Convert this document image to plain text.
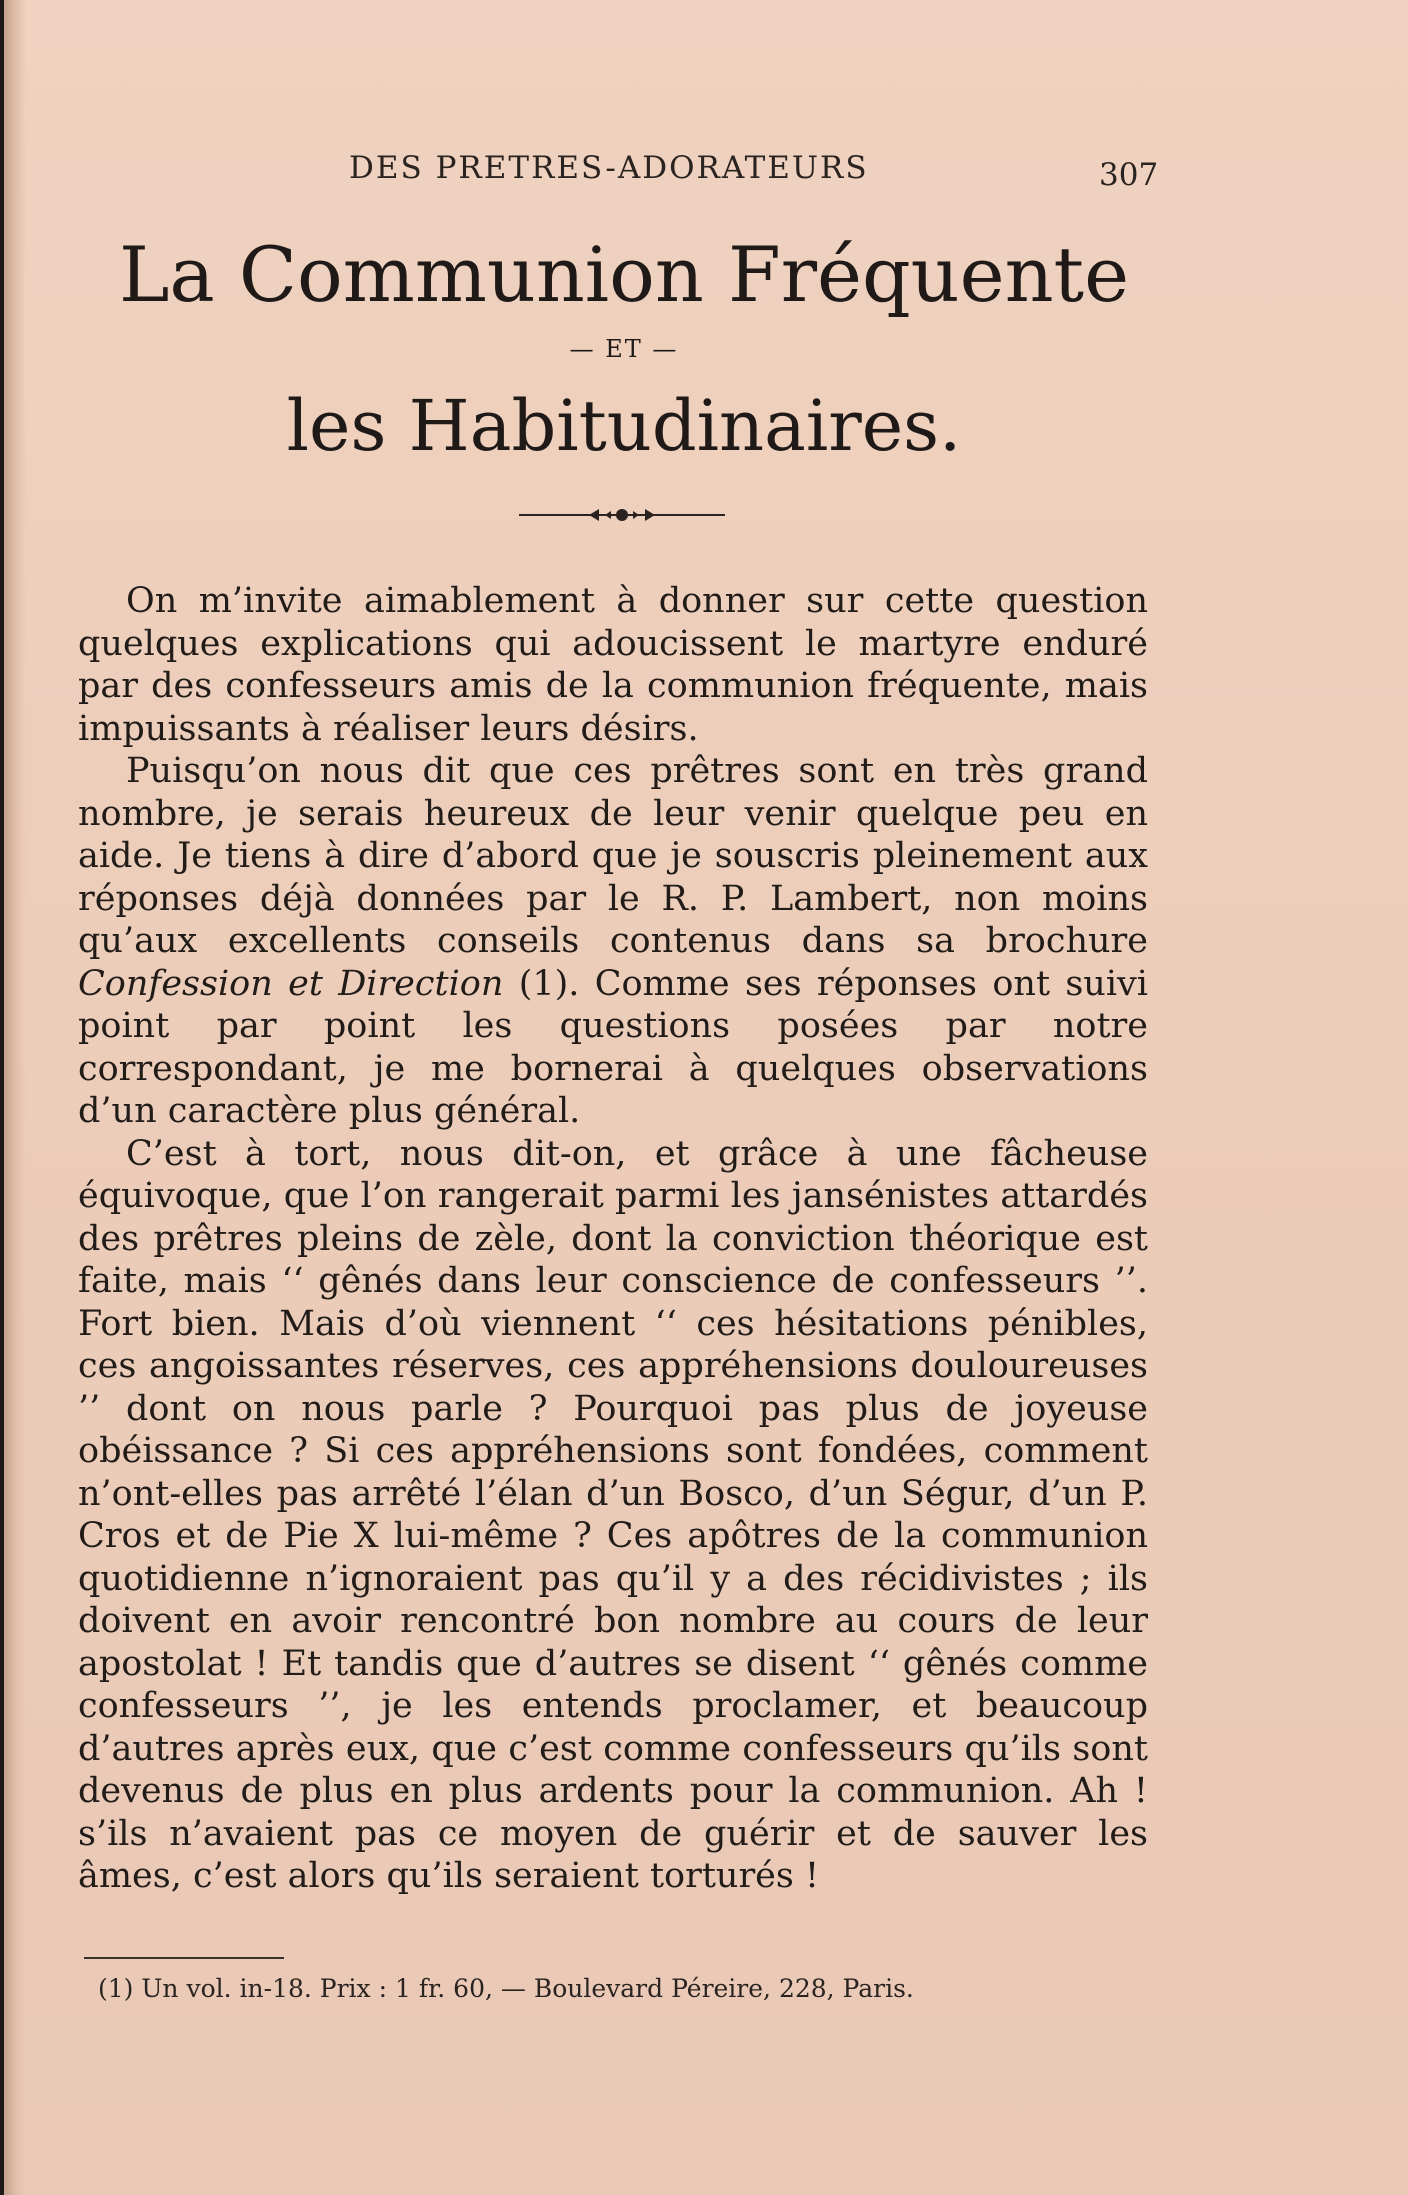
DES PRETRES-ADORATEURS	307
La Communion Fréquente
— ET —
les Habitudinaires.

On m’invite aimablement à donner sur cette question quelques explications qui adoucissent le martyre enduré par des confesseurs amis de la communion fréquente, mais impuissants à réaliser leurs désirs.

Puisqu’on nous dit que ces prêtres sont en très grand nombre, je serais heureux de leur venir quelque peu en aide. Je tiens à dire d’abord que je souscris pleinement aux réponses déjà données par le R. P. Lambert, non moins qu’aux excellents conseils contenus dans sa brochure Confession et Direction (1). Comme ses réponses ont suivi point par point les questions posées par notre correspondant, je me bornerai à quelques observations d’un caractère plus général.

C’est à tort, nous dit-on, et grâce à une fâcheuse équivoque, que l’on rangerait parmi les jansénistes attardés des prêtres pleins de zèle, dont la conviction théorique est faite, mais ‘‘ gênés dans leur conscience de confesseurs ’’. Fort bien. Mais d’où viennent ‘‘ ces hésitations pénibles, ces angoissantes réserves, ces appréhensions douloureuses ’’ dont on nous parle ? Pourquoi pas plus de joyeuse obéissance ? Si ces appréhensions sont fondées, comment n’ont-elles pas arrêté l’élan d’un Bosco, d’un Ségur, d’un P. Cros et de Pie X lui-même ? Ces apôtres de la communion quotidienne n’ignoraient pas qu’il y a des récidivistes ; ils doivent en avoir rencontré bon nombre au cours de leur apostolat ! Et tandis que d’autres se disent ‘‘ gênés comme confesseurs ’’, je les entends proclamer, et beaucoup d’autres après eux, que c’est comme confesseurs qu’ils sont devenus de plus en plus ardents pour la communion. Ah ! s’ils n’avaient pas ce moyen de guérir et de sauver les âmes, c’est alors qu’ils seraient torturés !

(1) Un vol. in-18. Prix : 1 fr. 60, — Boulevard Péreire, 228, Paris.
